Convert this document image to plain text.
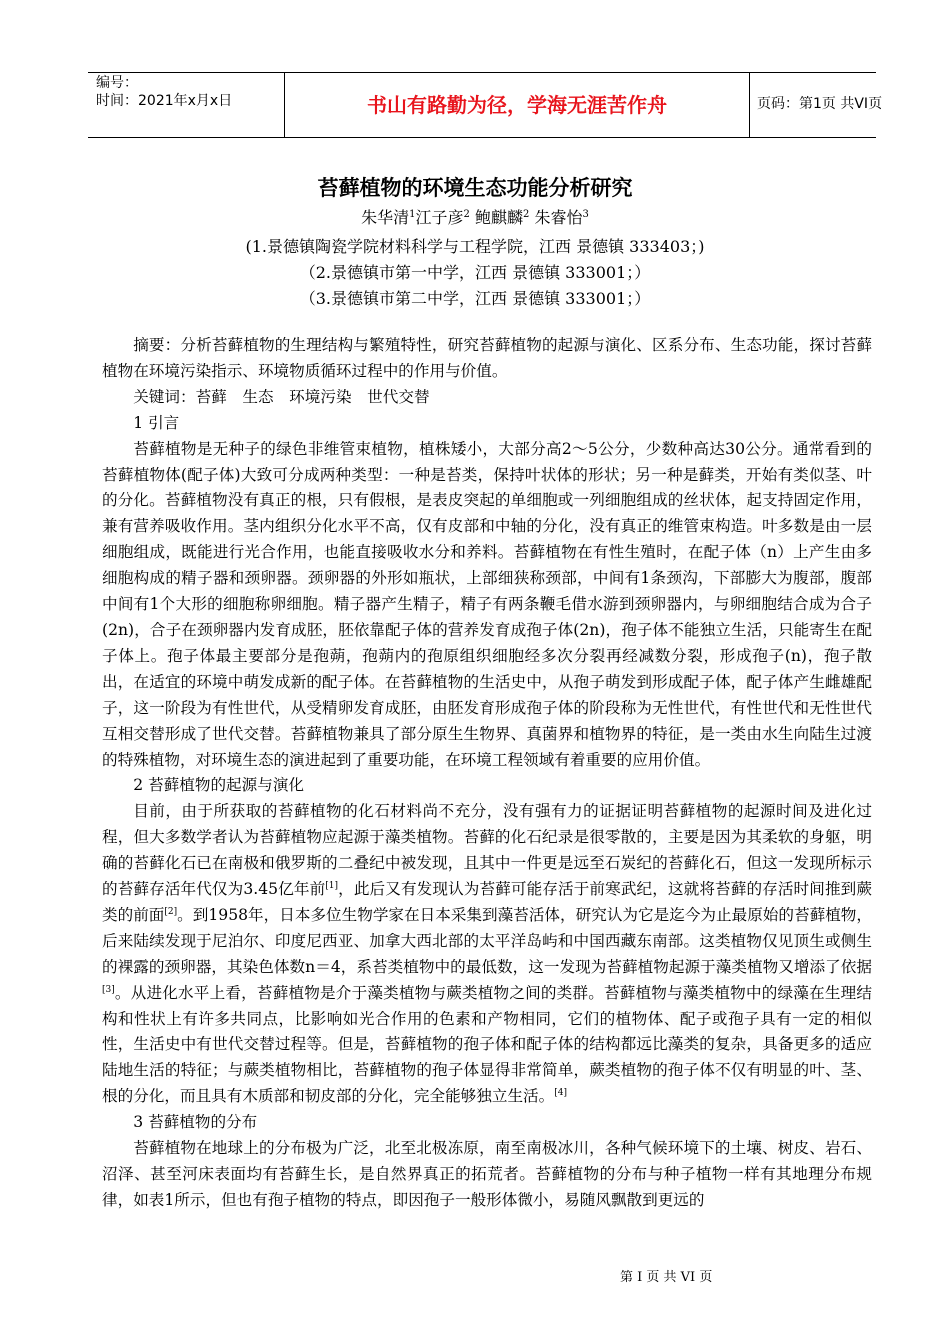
编号：
时间：2021年x月x日	书山有路勤为径，学海无涯苦作舟	页码：第1页 共VI页
苔藓植物的环境生态功能分析研究
朱华清$^1$江子彦$^2$ 鲍麒麟$^2$ 朱睿怡$^3$
(1.景德镇陶瓷学院材料科学与工程学院，江西 景德镇 333403；)
（2.景德镇市第一中学，江西 景德镇 333001；）
（3.景德镇市第二中学，江西 景德镇 333001；）

摘要：分析苔藓植物的生理结构与繁殖特性，研究苔藓植物的起源与演化、区系分布、生态功能，探讨苔藓植物在环境污染指示、环境物质循环过程中的作用与价值。

关键词：苔藓 生态 环境污染 世代交替

1 引言

苔藓植物是无种子的绿色非维管束植物，植株矮小，大部分高2～5公分，少数种高达30公分。通常看到的苔藓植物体(配子体)大致可分成两种类型：一种是苔类，保持叶状体的形状；另一种是藓类，开始有类似茎、叶的分化。苔藓植物没有真正的根，只有假根，是表皮突起的单细胞或一列细胞组成的丝状体，起支持固定作用，兼有营养吸收作用。茎内组织分化水平不高，仅有皮部和中轴的分化，没有真正的维管束构造。叶多数是由一层细胞组成，既能进行光合作用，也能直接吸收水分和养料。苔藓植物在有性生殖时，在配子体（n）上产生由多细胞构成的精子器和颈卵器。颈卵器的外形如瓶状，上部细狭称颈部，中间有1条颈沟，下部膨大为腹部，腹部中间有1个大形的细胞称卵细胞。精子器产生精子，精子有两条鞭毛借水游到颈卵器内，与卵细胞结合成为合子(2n)，合子在颈卵器内发育成胚，胚依靠配子体的营养发育成孢子体(2n)，孢子体不能独立生活，只能寄生在配子体上。孢子体最主要部分是孢蒴，孢蒴内的孢原组织细胞经多次分裂再经减数分裂，形成孢子(n)，孢子散出，在适宜的环境中萌发成新的配子体。在苔藓植物的生活史中，从孢子萌发到形成配子体，配子体产生雌雄配子，这一阶段为有性世代，从受精卵发育成胚，由胚发育形成孢子体的阶段称为无性世代，有性世代和无性世代互相交替形成了世代交替。苔藓植物兼具了部分原生生物界、真菌界和植物界的特征，是一类由水生向陆生过渡的特殊植物，对环境生态的演进起到了重要功能，在环境工程领域有着重要的应用价值。

2 苔藓植物的起源与演化

目前，由于所获取的苔藓植物的化石材料尚不充分，没有强有力的证据证明苔藓植物的起源时间及进化过程，但大多数学者认为苔藓植物应起源于藻类植物。苔藓的化石纪录是很零散的，主要是因为其柔软的身躯，明确的苔藓化石已在南极和俄罗斯的二叠纪中被发现，且其中一件更是远至石炭纪的苔藓化石，但这一发现所标示的苔藓存活年代仅为3.45亿年前[1]，此后又有发现认为苔藓可能存活于前寒武纪，这就将苔藓的存活时间推到蕨类的前面[2]。到1958年，日本多位生物学家在日本采集到藻苔活体，研究认为它是迄今为止最原始的苔藓植物，后来陆续发现于尼泊尔、印度尼西亚、加拿大西北部的太平洋岛屿和中国西藏东南部。这类植物仅见顶生或侧生的裸露的颈卵器，其染色体数n＝4，系苔类植物中的最低数，这一发现为苔藓植物起源于藻类植物又增添了依据[3]。从进化水平上看，苔藓植物是介于藻类植物与蕨类植物之间的类群。苔藓植物与藻类植物中的绿藻在生理结构和性状上有许多共同点，比影响如光合作用的色素和产物相同，它们的植物体、配子或孢子具有一定的相似性，生活史中有世代交替过程等。但是，苔藓植物的孢子体和配子体的结构都远比藻类的复杂，具备更多的适应陆地生活的特征；与蕨类植物相比，苔藓植物的孢子体显得非常简单，蕨类植物的孢子体不仅有明显的叶、茎、根的分化，而且具有木质部和韧皮部的分化，完全能够独立生活。[4]

3 苔藓植物的分布

苔藓植物在地球上的分布极为广泛，北至北极冻原，南至南极冰川，各种气候环境下的土壤、树皮、岩石、沼泽、甚至河床表面均有苔藓生长，是自然界真正的拓荒者。苔藓植物的分布与种子植物一样有其地理分布规律，如表1所示，但也有孢子植物的特点，即因孢子一般形体微小，易随风飘散到更远的

第 I 页 共 VI 页
